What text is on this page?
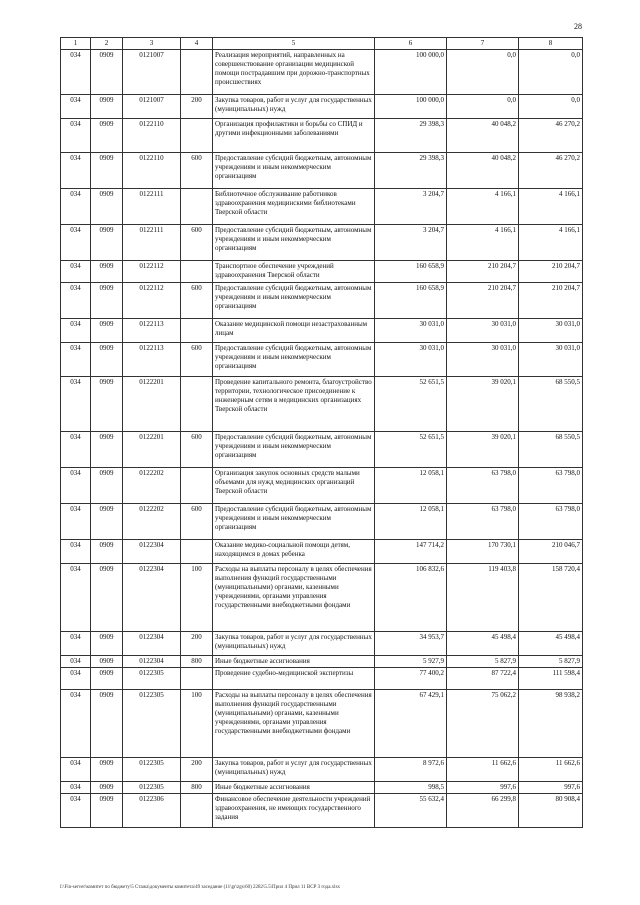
28
1	2	3	4	5	6	7	8
034	0909	0121007		Реализация мероприятий, направленных на совершенствование организации медицинской помощи пострадавшим при дорожно-транспортных происшествиях	100 000,0	0,0	0,0
034	0909	0121007	200	Закупка товаров, работ и услуг для государственных (муниципальных) нужд	100 000,0	0,0	0,0
034	0909	0122110		Организация профилактики и борьбы со СПИД и другими инфекционными заболеваниями	29 398,3	40 048,2	46 270,2
034	0909	0122110	600	Предоставление субсидий бюджетным, автономным учреждениям и иным некоммерческим организациям	29 398,3	40 048,2	46 270,2
034	0909	0122111		Библиотечное обслуживание работников здравоохранения медицинскими библиотеками Тверской области	3 204,7	4 166,1	4 166,1
034	0909	0122111	600	Предоставление субсидий бюджетным, автономным учреждениям и иным некоммерческим организациям	3 204,7	4 166,1	4 166,1
034	0909	0122112		Транспортное обеспечение учреждений здравоохранения Тверской области	160 658,9	210 204,7	210 204,7
034	0909	0122112	600	Предоставление субсидий бюджетным, автономным учреждениям и иным некоммерческим организациям	160 658,9	210 204,7	210 204,7
034	0909	0122113		Оказание медицинской помощи незастрахованным лицам	30 031,0	30 031,0	30 031,0
034	0909	0122113	600	Предоставление субсидий бюджетным, автономным учреждениям и иным некоммерческим организациям	30 031,0	30 031,0	30 031,0
034	0909	0122201		Проведение капитального ремонта, благоустройство территории, технологическое присоединение к инженерным сетям в медицинских организациях Тверской области	52 651,5	39 020,1	68 550,5
034	0909	0122201	600	Предоставление субсидий бюджетным, автономным учреждениям и иным некоммерческим организациям	52 651,5	39 020,1	68 550,5
034	0909	0122202		Организация закупок основных средств малыми объемами для нужд медицинских организаций Тверской области	12 058,1	63 798,0	63 798,0
034	0909	0122202	600	Предоставление субсидий бюджетным, автономным учреждениям и иным некоммерческим организациям	12 058,1	63 798,0	63 798,0
034	0909	0122304		Оказание медико-социальной помощи детям, находящимся в домах ребенка	147 714,2	170 730,1	210 046,7
034	0909	0122304	100	Расходы на выплаты персоналу в целях обеспечения выполнения функций государственными (муниципальными) органами, казенными учреждениями, органами управления государственными внебюджетными фондами	106 832,6	119 403,8	158 720,4
034	0909	0122304	200	Закупка товаров, работ и услуг для государственных (муниципальных) нужд	34 953,7	45 498,4	45 498,4
034	0909	0122304	800	Иные бюджетные ассигнования	5 927,9	5 827,9	5 827,9
034	0909	0122305		Проведение судебно-медицинской экспертизы	77 400,2	87 722,4	111 598,4
034	0909	0122305	100	Расходы на выплаты персоналу в целях обеспечения выполнения функций государственными (муниципальными) органами, казенными учреждениями, органами управления государственными внебюджетными фондами	67 429,1	75 062,2	98 938,2
034	0909	0122305	200	Закупка товаров, работ и услуг для государственных (муниципальных) нужд	8 972,6	11 662,6	11 662,6
034	0909	0122305	800	Иные бюджетные ассигнования	998,5	997,6	997,6
034	0909	0122306		Финансовое обеспечение деятельности учреждений здравоохранения, не имеющих государственного задания	55 632,4	66 299,8	80 908,4
I:\Fin-server\комитет по бюджету\5 Стажа\документы комитета\49 заседание (11\gr\zgs\60) 2282\5.5\Прил 4 Прил 11 ВСР 3 года.xlsx
